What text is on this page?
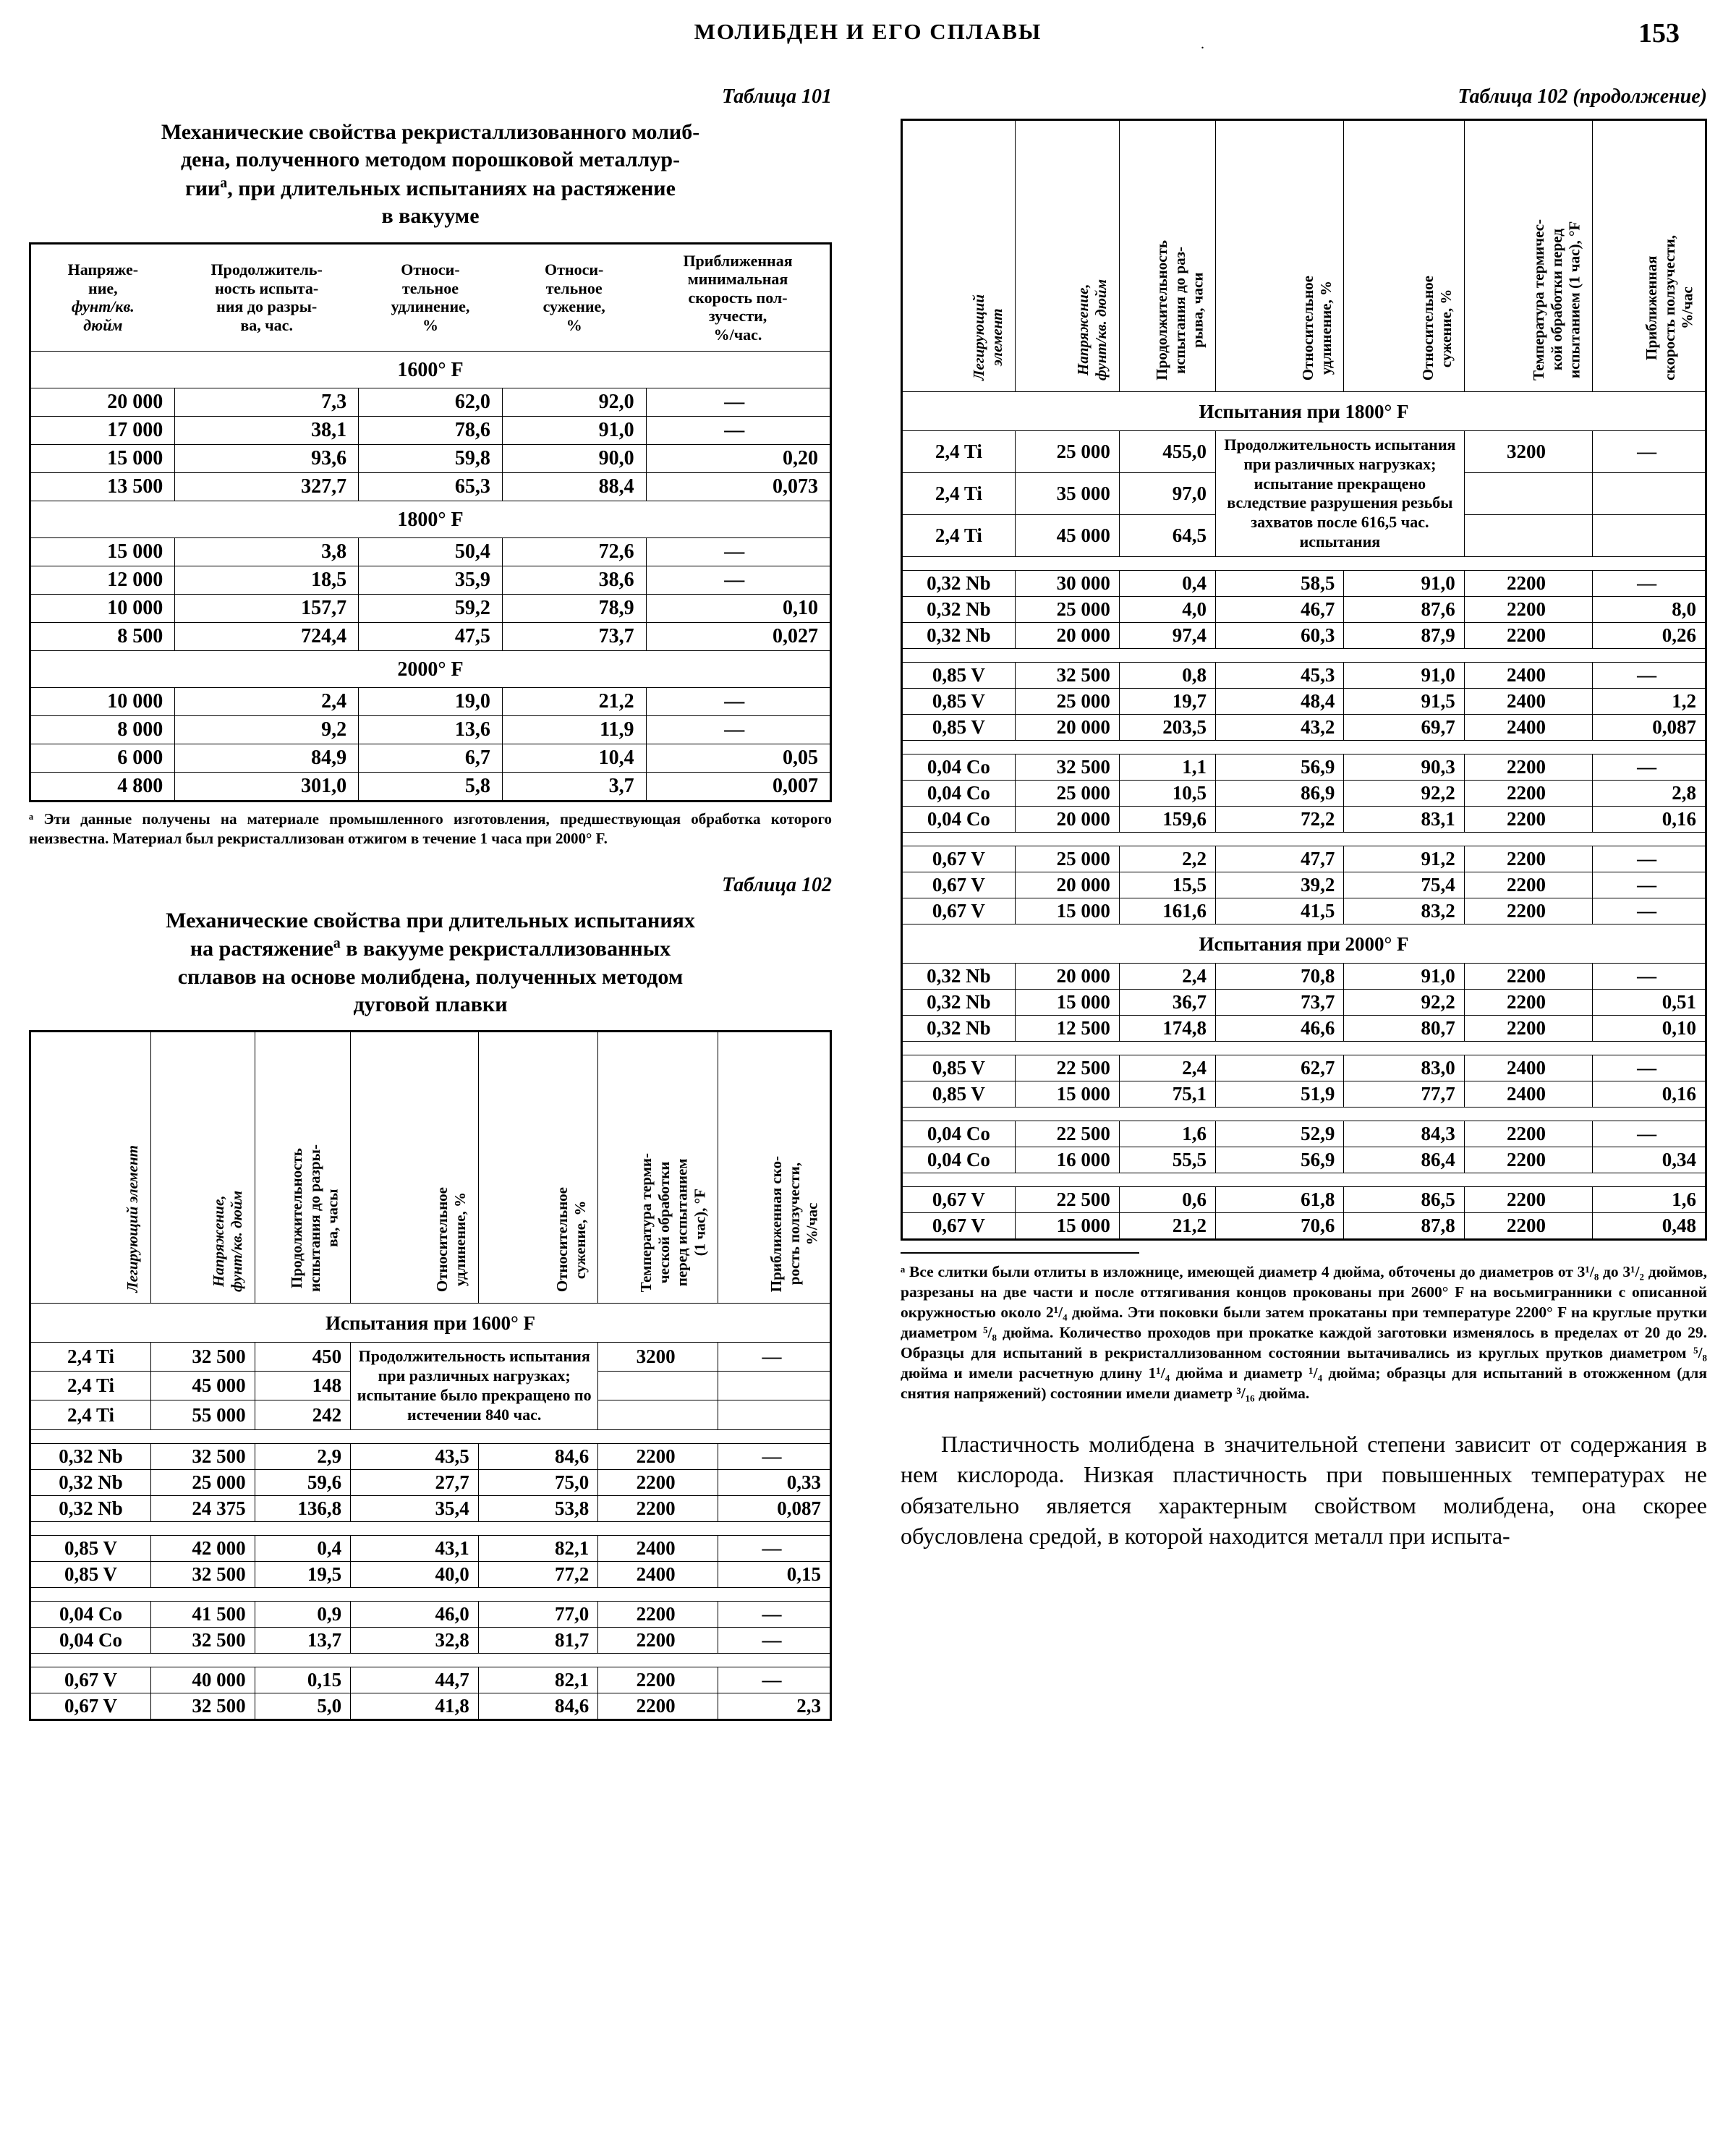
МОЛИБДЕН И ЕГО СПЛАВЫ	153
.
Таблица 101
Механические свойства рекристаллизованного молиб-
дена, полученного методом порошковой металлур-
гии$^a$, при длительных испытаниях на растяжение
в вакууме
Напряже-
ние,
фунт/кв.
дюйм	Продолжитель-
ность испыта-
ния до разры-
ва, час.	Относи-
тельное
удлинение,
%	Относи-
тельное
сужение,
%	Приближенная
минимальная
скорость пол-
зучести,
%/час.
1600° F				
20 000	7,3	62,0	92,0	—
17 000	38,1	78,6	91,0	—
15 000	93,6	59,8	90,0	0,20
13 500	327,7	65,3	88,4	0,073
1800° F				
15 000	3,8	50,4	72,6	—
12 000	18,5	35,9	38,6	—
10 000	157,7	59,2	78,9	0,10
8 500	724,4	47,5	73,7	0,027
2000° F				
10 000	2,4	19,0	21,2	—
8 000	9,2	13,6	11,9	—
6 000	84,9	6,7	10,4	0,05
4 800	301,0	5,8	3,7	0,007
ᵃ Эти данные получены на материале промышленного изготовления, предшествующая обработка которого неизвестна. Материал был рекристаллизован отжигом в течение 1 часа при 2000° F.
Таблица 102
Механические свойства при длительных испытаниях
на растяжение$^a$ в вакууме рекристаллизованных
сплавов на основе молибдена, полученных методом
дуговой плавки
Легирующий элемент	Напряжение,
фунт/кв. дюйм	Продолжительность
испытания до разры-
ва, часы	Относительное
удлинение, %	Относительное
сужение, %	Температура терми-
ческой обработки
перед испытанием
(1 час), °F	Приближенная ско-
рость ползучести,
%/час
Испытания при 1600° F						
2,4 Ti	32 500	450	Продолжительность испытания при различных нагрузках; испытание было прекращено по истечении 840 час.		3200	—
2,4 Ti	45 000	148				
2,4 Ti	55 000	242				

0,32 Nb	32 500	2,9	43,5	84,6	2200	—
0,32 Nb	25 000	59,6	27,7	75,0	2200	0,33
0,32 Nb	24 375	136,8	35,4	53,8	2200	0,087

0,85 V	42 000	0,4	43,1	82,1	2400	—
0,85 V	32 500	19,5	40,0	77,2	2400	0,15

0,04 Co	41 500	0,9	46,0	77,0	2200	—
0,04 Co	32 500	13,7	32,8	81,7	2200	—

0,67 V	40 000	0,15	44,7	82,1	2200	—
0,67 V	32 500	5,0	41,8	84,6	2200	2,3
Таблица 102 (продолжение)
Легирующий
элемент	Напряжение,
фунт/кв. дюйм	Продолжительность
испытания до раз-
рыва, часи	Относительное
удлинение, %	Относительное
сужение, %	Температура термичес-
кой обработки перед
испытанием (1 час), °F	Приближенная
скорость ползучести,
%/час
Испытания при 1800° F						
2,4 Ti	25 000	455,0	Продолжительность испытания при различных нагрузках; испытание прекращено вследствие разрушения резьбы захватов после 616,5 час. испытания		3200	—
2,4 Ti	35 000	97,0				
2,4 Ti	45 000	64,5				

0,32 Nb	30 000	0,4	58,5	91,0	2200	—
0,32 Nb	25 000	4,0	46,7	87,6	2200	8,0
0,32 Nb	20 000	97,4	60,3	87,9	2200	0,26

0,85 V	32 500	0,8	45,3	91,0	2400	—
0,85 V	25 000	19,7	48,4	91,5	2400	1,2
0,85 V	20 000	203,5	43,2	69,7	2400	0,087

0,04 Co	32 500	1,1	56,9	90,3	2200	—
0,04 Co	25 000	10,5	86,9	92,2	2200	2,8
0,04 Co	20 000	159,6	72,2	83,1	2200	0,16

0,67 V	25 000	2,2	47,7	91,2	2200	—
0,67 V	20 000	15,5	39,2	75,4	2200	—
0,67 V	15 000	161,6	41,5	83,2	2200	—
Испытания при 2000° F						
0,32 Nb	20 000	2,4	70,8	91,0	2200	—
0,32 Nb	15 000	36,7	73,7	92,2	2200	0,51
0,32 Nb	12 500	174,8	46,6	80,7	2200	0,10

0,85 V	22 500	2,4	62,7	83,0	2400	—
0,85 V	15 000	75,1	51,9	77,7	2400	0,16

0,04 Co	22 500	1,6	52,9	84,3	2200	—
0,04 Co	16 000	55,5	56,9	86,4	2200	0,34

0,67 V	22 500	0,6	61,8	86,5	2200	1,6
0,67 V	15 000	21,2	70,6	87,8	2200	0,48
ᵃ Все слитки были отлиты в изложнице, имеющей диаметр 4 дюйма, обточены до диаметров от 3¹/₈ до 3¹/₂ дюймов, разрезаны на две части и после оттягивания концов прокованы при 2600° F на восьмигранники с описанной окружностью около 2¹/₄ дюйма. Эти поковки были затем прокатаны при температуре 2200° F на круглые прутки диаметром ⁵/₈ дюйма. Количество проходов при прокатке каждой заготовки изменялось в пределах от 20 до 29. Образцы для испытаний в рекристаллизованном состоянии вытачивались из круглых прутков диаметром ⁵/₈ дюйма и имели расчетную длину 1¹/₄ дюйма и диаметр ¹/₄ дюйма; образцы для испытаний в отожженном (для снятия напряжений) состоянии имели диаметр ³/₁₆ дюйма.
Пластичность молибдена в значительной степени зависит от содержания в нем кислорода. Низкая пластичность при повышенных температурах не обязательно является характерным свойством молибдена, она скорее обусловлена средой, в которой находится металл при испыта-
